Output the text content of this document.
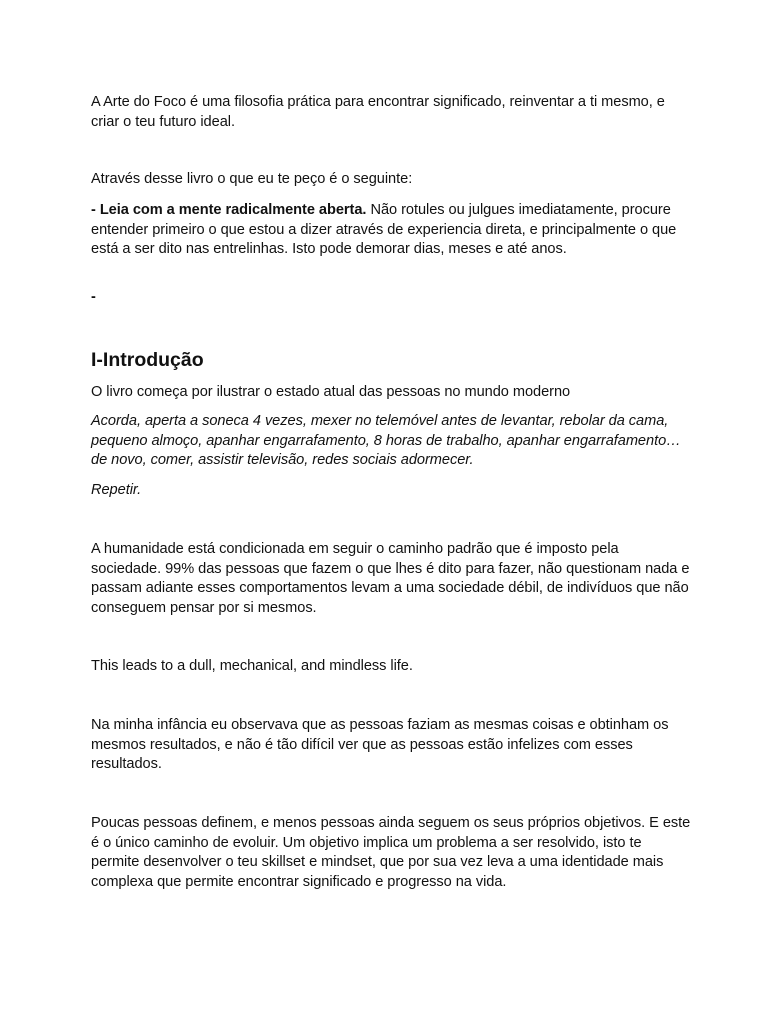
A Arte do Foco é uma filosofia prática para encontrar significado, reinventar a ti mesmo, e criar o teu futuro ideal.

Através desse livro o que eu te peço é o seguinte:

- Leia com a mente radicalmente aberta. Não rotules ou julgues imediatamente, procure entender primeiro o que estou a dizer através de experiencia direta, e principalmente o que está a ser dito nas entrelinhas. Isto pode demorar dias, meses e até anos.

-

I-Introdução

O livro começa por ilustrar o estado atual das pessoas no mundo moderno

Acorda, aperta a soneca 4 vezes, mexer no telemóvel antes de levantar, rebolar da cama, pequeno almoço, apanhar engarrafamento, 8 horas de trabalho, apanhar engarrafamento…de novo, comer, assistir televisão, redes sociais adormecer.

Repetir.

A humanidade está condicionada em seguir o caminho padrão que é imposto pela sociedade. 99% das pessoas que fazem o que lhes é dito para fazer, não questionam nada e passam adiante esses comportamentos levam a uma sociedade débil, de indivíduos que não conseguem pensar por si mesmos.

This leads to a dull, mechanical, and mindless life.

Na minha infância eu observava que as pessoas faziam as mesmas coisas e obtinham os mesmos resultados, e não é tão difícil ver que as pessoas estão infelizes com esses resultados.

Poucas pessoas definem, e menos pessoas ainda seguem os seus próprios objetivos. E este é o único caminho de evoluir. Um objetivo implica um problema a ser resolvido, isto te permite desenvolver o teu skillset e mindset, que por sua vez leva a uma identidade mais complexa que permite encontrar significado e progresso na vida.
